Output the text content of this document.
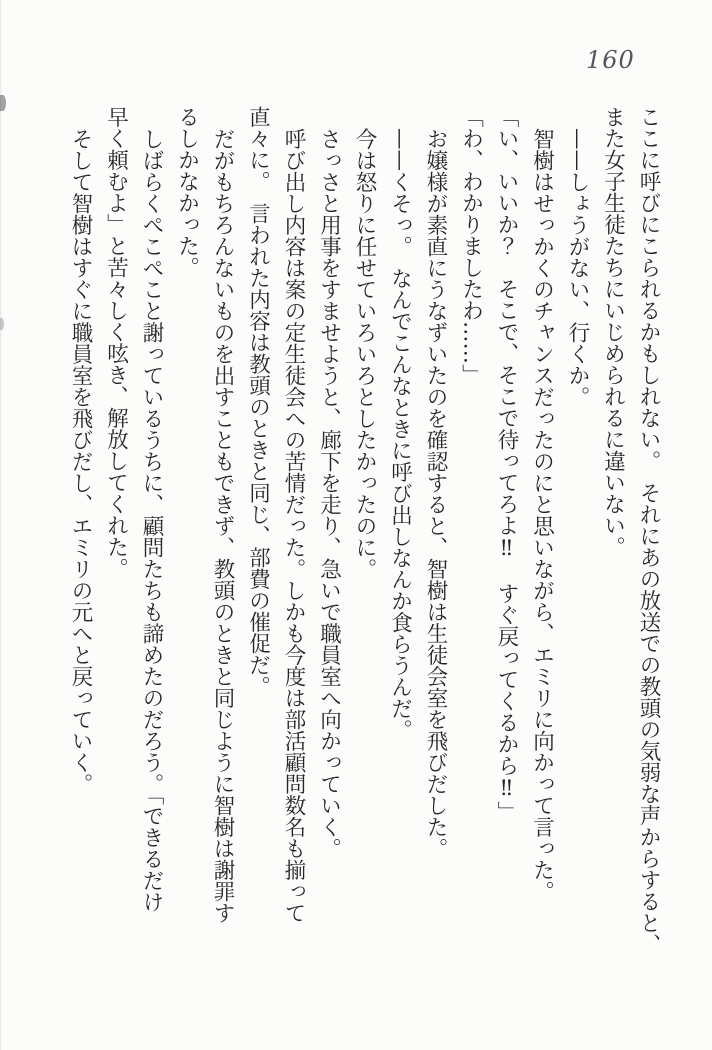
160
ここに呼びにこられるかもしれない。　それにあの放送での教頭の気弱な声からすると、
また女子生徒たちにいじめられるに違いない。
——しょうがない、行くか。
智樹はせっかくのチャンスだったのにと思いながら、エミリに向かって言った。
「い、いいか？　そこで、そこで待ってろよ‼　すぐ戻ってくるから‼」
「わ、わかりましたわ……」
お嬢様が素直にうなずいたのを確認すると、智樹は生徒会室を飛びだした。
——くそっ。　なんでこんなときに呼び出しなんか食らうんだ。
今は怒りに任せていろいろとしたかったのに。
さっさと用事をすませようと、廊下を走り、急いで職員室へ向かっていく。
呼び出し内容は案の定生徒会への苦情だった。しかも今度は部活顧問数名も揃って
直々に。　言われた内容は教頭のときと同じ、部費の催促だ。
だがもちろんないものを出すこともできず、教頭のときと同じように智樹は謝罪す
るしかなかった。
しばらくぺこぺこと謝っているうちに、顧問たちも諦めたのだろう。「できるだけ
早く頼むよ」と苦々しく呟き、解放してくれた。
そして智樹はすぐに職員室を飛びだし、エミリの元へと戻っていく。
